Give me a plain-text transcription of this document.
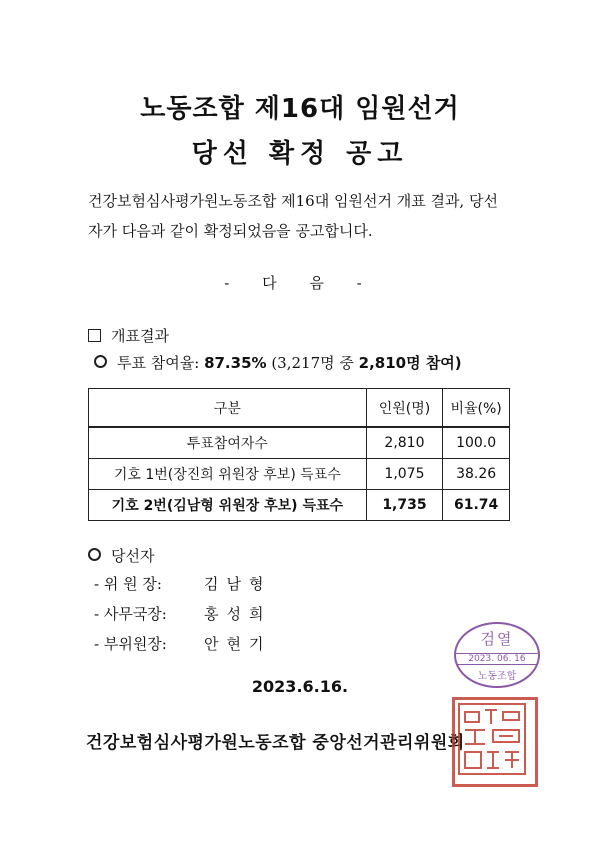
노동조합 제16대 임원선거
당선 확정 공고
건강보험심사평가원노동조합 제16대 임원선거 개표 결과, 당선
자가 다음과 같이 확정되었음을 공고합니다.
- 다 음 -
개표결과
투표 참여율: 87.35% (3,217명 중 2,810명 참여)
구분	인원(명)	비율(%)
투표참여자수	2,810	100.0
기호 1번(장진희 위원장 후보) 득표수	1,075	38.26
기호 2번(김남형 위원장 후보) 득표수	1,735	61.74
당선자
- 위 원 장:	김남형
- 사무국장: 홍성희
- 부위원장: 안현기
2023.6.16.
건강보험심사평가원노동조합 중앙선거관리위원회
검열
2023. 06. 16
노동조합
